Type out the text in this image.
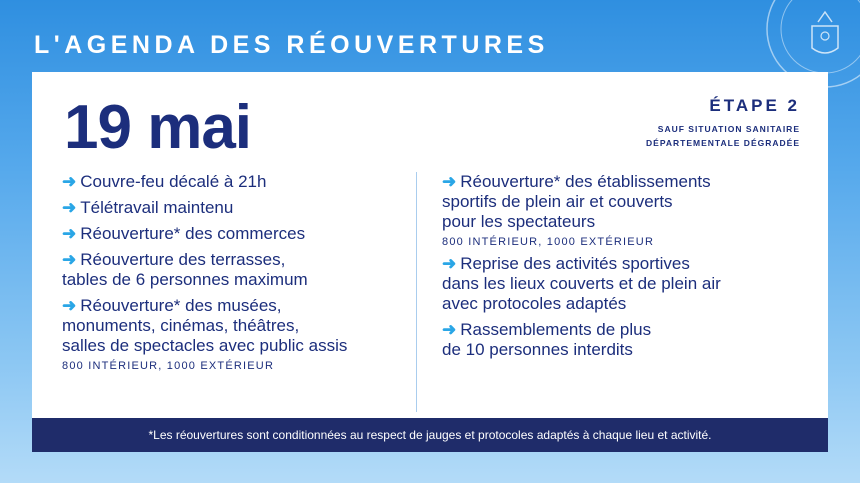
L'AGENDA DES RÉOUVERTURES
19 mai	ÉTAPE 2
SAUF SITUATION SANITAIRE
DÉPARTEMENTALE DÉGRADÉE
➜ Couvre-feu décalé à 21h
➜ Télétravail maintenu
➜ Réouverture* des commerces
➜ Réouverture des terrasses,
tables de 6 personnes maximum
➜ Réouverture* des musées,
monuments, cinémas, théâtres,
salles de spectacles avec public assis
800 INTÉRIEUR, 1000 EXTÉRIEUR
➜ Réouverture* des établissements
sportifs de plein air et couverts
pour les spectateurs
800 INTÉRIEUR, 1000 EXTÉRIEUR
➜ Reprise des activités sportives
dans les lieux couverts et de plein air
avec protocoles adaptés
➜ Rassemblements de plus
de 10 personnes interdits
*Les réouvertures sont conditionnées au respect de jauges et protocoles adaptés à chaque lieu et activité.
